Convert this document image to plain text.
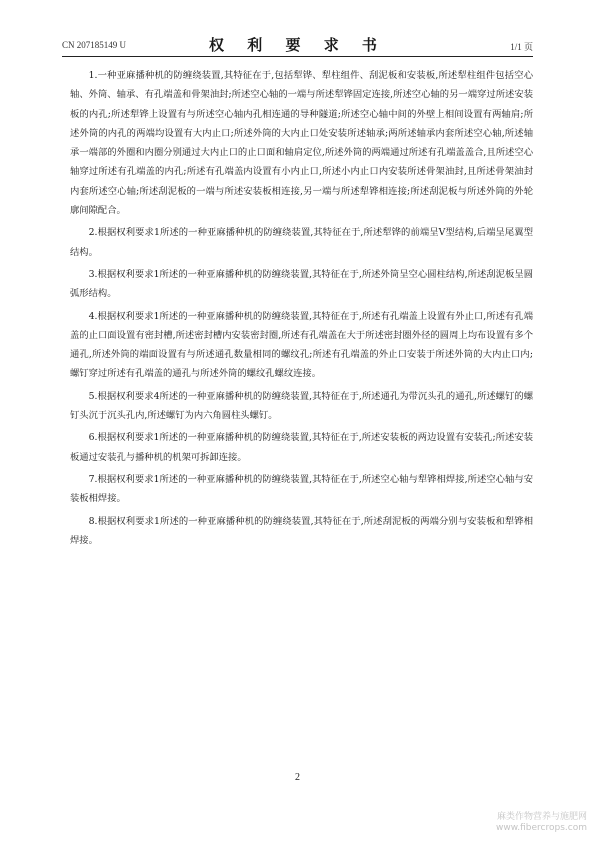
CN 207185149 U	权 利 要 求 书	1/1 页

1.一种亚麻播种机的防缠绕装置,其特征在于,包括犁铧、犁柱组件、刮泥板和安装板,所述犁柱组件包括空心轴、外筒、轴承、有孔端盖和骨架油封;所述空心轴的一端与所述犁铧固定连接,所述空心轴的另一端穿过所述安装板的内孔;所述犁铧上设置有与所述空心轴内孔相连通的导种隧道;所述空心轴中间的外壁上相间设置有两轴肩;所述外筒的内孔的两端均设置有大内止口;所述外筒的大内止口处安装所述轴承;两所述轴承内套所述空心轴,所述轴承一端部的外圈和内圈分别通过大内止口的止口面和轴肩定位,所述外筒的两端通过所述有孔端盖盖合,且所述空心轴穿过所述有孔端盖的内孔;所述有孔端盖内设置有小内止口,所述小内止口内安装所述骨架油封,且所述骨架油封内套所述空心轴;所述刮泥板的一端与所述安装板相连接,另一端与所述犁铧相连接;所述刮泥板与所述外筒的外轮廓间隙配合。

2.根据权利要求1所述的一种亚麻播种机的防缠绕装置,其特征在于,所述犁铧的前端呈V型结构,后端呈尾翼型结构。

3.根据权利要求1所述的一种亚麻播种机的防缠绕装置,其特征在于,所述外筒呈空心圆柱结构,所述刮泥板呈圆弧形结构。

4.根据权利要求1所述的一种亚麻播种机的防缠绕装置,其特征在于,所述有孔端盖上设置有外止口,所述有孔端盖的止口面设置有密封槽,所述密封槽内安装密封圈,所述有孔端盖在大于所述密封圈外径的圆周上均布设置有多个通孔,所述外筒的端面设置有与所述通孔数量相同的螺纹孔;所述有孔端盖的外止口安装于所述外筒的大内止口内;螺钉穿过所述有孔端盖的通孔与所述外筒的螺纹孔螺纹连接。

5.根据权利要求4所述的一种亚麻播种机的防缠绕装置,其特征在于,所述通孔为带沉头孔的通孔,所述螺钉的螺钉头沉于沉头孔内,所述螺钉为内六角圆柱头螺钉。

6.根据权利要求1所述的一种亚麻播种机的防缠绕装置,其特征在于,所述安装板的两边设置有安装孔;所述安装板通过安装孔与播种机的机架可拆卸连接。

7.根据权利要求1所述的一种亚麻播种机的防缠绕装置,其特征在于,所述空心轴与犁铧相焊接,所述空心轴与安装板相焊接。

8.根据权利要求1所述的一种亚麻播种机的防缠绕装置,其特征在于,所述刮泥板的两端分别与安装板和犁铧相焊接。

2
麻类作物营养与施肥网
www.fibercrops.com
